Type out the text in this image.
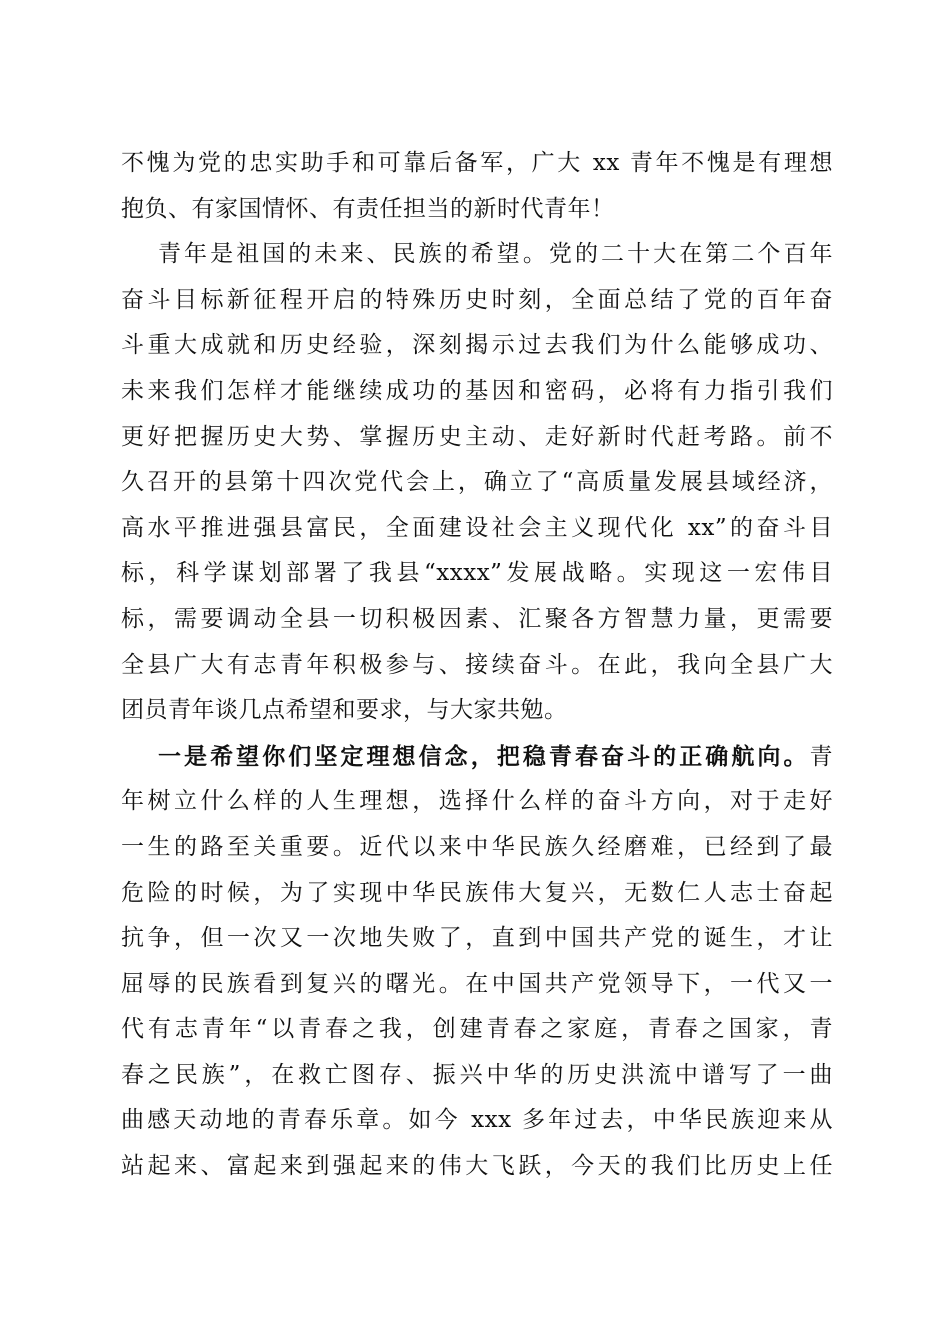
不愧为党的忠实助手和可靠后备军，广大 xx 青年不愧是有理想
抱负、有家国情怀、有责任担当的新时代青年！
青年是祖国的未来、民族的希望。党的二十大在第二个百年
奋斗目标新征程开启的特殊历史时刻，全面总结了党的百年奋
斗重大成就和历史经验，深刻揭示过去我们为什么能够成功、
未来我们怎样才能继续成功的基因和密码，必将有力指引我们
更好把握历史大势、掌握历史主动、走好新时代赶考路。前不
久召开的县第十四次党代会上，确立了“高质量发展县域经济，
高水平推进强县富民，全面建设社会主义现代化 xx”的奋斗目
标，科学谋划部署了我县“xxxx”发展战略。实现这一宏伟目
标，需要调动全县一切积极因素、汇聚各方智慧力量，更需要
全县广大有志青年积极参与、接续奋斗。在此，我向全县广大
团员青年谈几点希望和要求，与大家共勉。
一是希望你们坚定理想信念，把稳青春奋斗的正确航向。青
年树立什么样的人生理想，选择什么样的奋斗方向，对于走好
一生的路至关重要。近代以来中华民族久经磨难，已经到了最
危险的时候，为了实现中华民族伟大复兴，无数仁人志士奋起
抗争，但一次又一次地失败了，直到中国共产党的诞生，才让
屈辱的民族看到复兴的曙光。在中国共产党领导下，一代又一
代有志青年“以青春之我，创建青春之家庭，青春之国家，青
春之民族”，在救亡图存、振兴中华的历史洪流中谱写了一曲
曲感天动地的青春乐章。如今 xxx 多年过去，中华民族迎来从
站起来、富起来到强起来的伟大飞跃，今天的我们比历史上任
